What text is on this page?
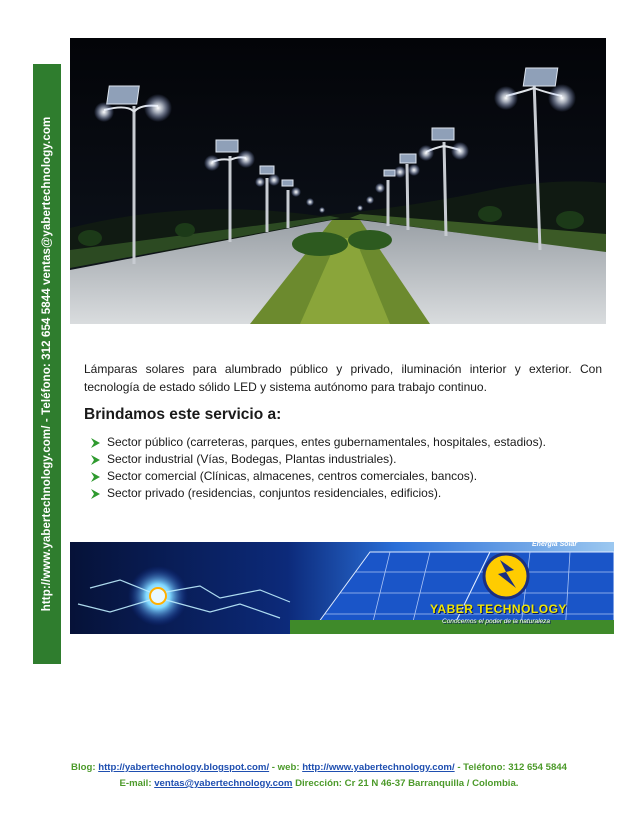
http://www.yabertechnology.com/ - Teléfono: 312 654 5844 ventas@yabertechnology.com	Lámparas solares para alumbrado público y privado, iluminación interior y exterior. Con tecnología de estado sólido LED y sistema autónomo para trabajo continuo.
Brindamos este servicio a:
Sector público (carreteras, parques, entes gubernamentales, hospitales, estadios).
Sector industrial (Vías, Bodegas, Plantas industriales).
Sector comercial (Clínicas, almacenes, centros comerciales, bancos).
Sector privado (residencias, conjuntos residenciales, edificios).
Energía Solar
YABER TECHNOLOGY
Conocemos el poder de la naturaleza
Blog: http://yabertechnology.blogspot.com/ - web: http://www.yabertechnology.com/ - Teléfono: 312 654 5844
E-mail: ventas@yabertechnology.com Dirección: Cr 21 N 46-37 Barranquilla / Colombia.
